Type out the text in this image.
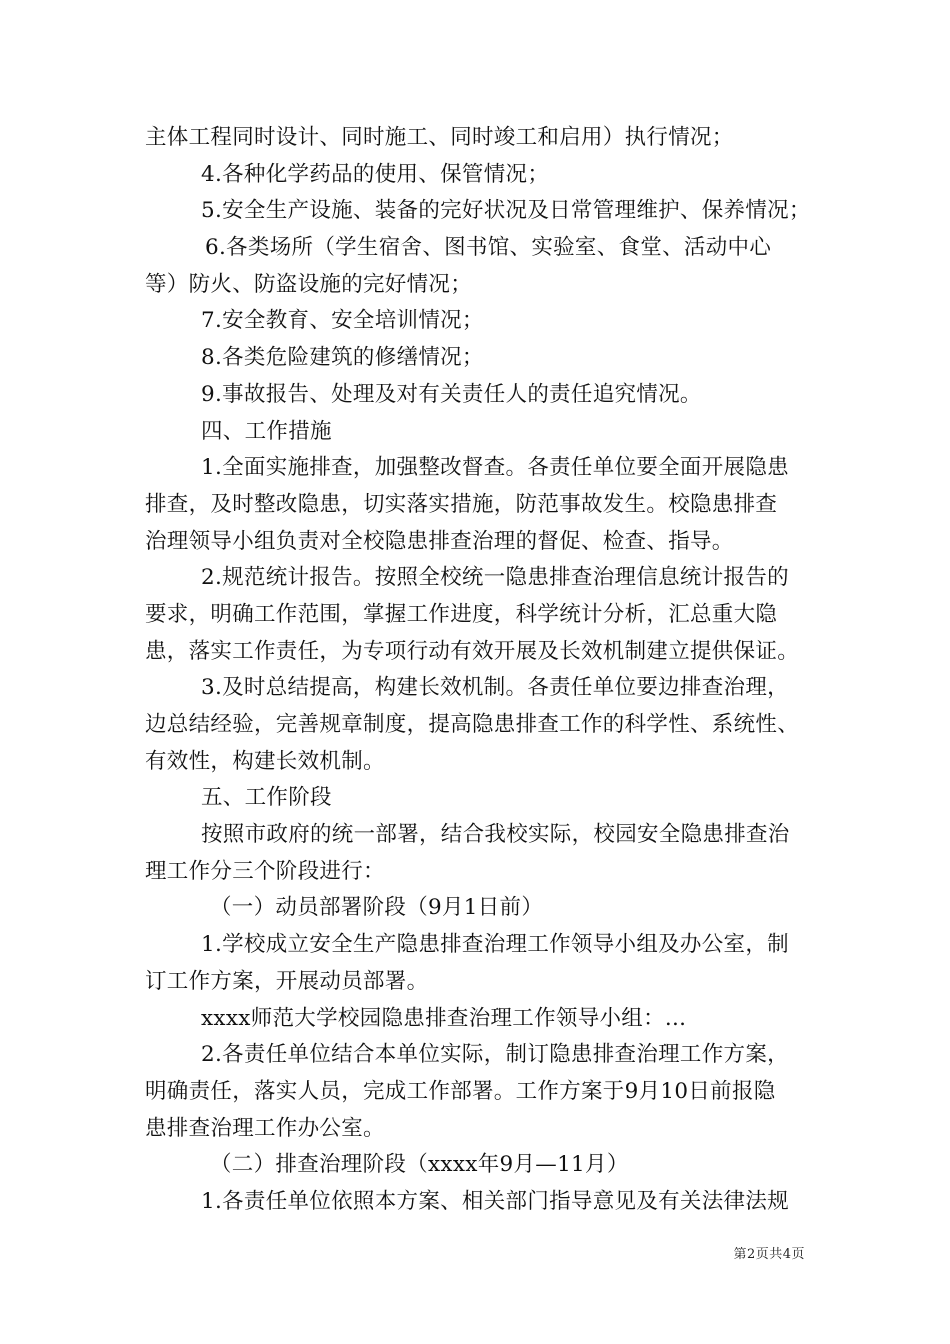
主体工程同时设计、同时施工、同时竣工和启用）执行情况；
4.各种化学药品的使用、保管情况；
5.安全生产设施、装备的完好状况及日常管理维护、保养情况；
6.各类场所（学生宿舍、图书馆、实验室、食堂、活动中心
等）防火、防盗设施的完好情况；
7.安全教育、安全培训情况；
8.各类危险建筑的修缮情况；
9.事故报告、处理及对有关责任人的责任追究情况。
四、工作措施
1.全面实施排查，加强整改督查。各责任单位要全面开展隐患
排查，及时整改隐患，切实落实措施，防范事故发生。校隐患排查
治理领导小组负责对全校隐患排查治理的督促、检查、指导。
2.规范统计报告。按照全校统一隐患排查治理信息统计报告的
要求，明确工作范围，掌握工作进度，科学统计分析，汇总重大隐
患，落实工作责任，为专项行动有效开展及长效机制建立提供保证。
3.及时总结提高，构建长效机制。各责任单位要边排查治理，
边总结经验，完善规章制度，提高隐患排查工作的科学性、系统性、
有效性，构建长效机制。
五、工作阶段
按照市政府的统一部署，结合我校实际，校园安全隐患排查治
理工作分三个阶段进行：
（一）动员部署阶段（9月1日前）
1.学校成立安全生产隐患排查治理工作领导小组及办公室，制
订工作方案，开展动员部署。
xxxx师范大学校园隐患排查治理工作领导小组：...
2.各责任单位结合本单位实际，制订隐患排查治理工作方案，
明确责任，落实人员，完成工作部署。工作方案于9月10日前报隐
患排查治理工作办公室。
（二）排查治理阶段（xxxx年9月—11月）
1.各责任单位依照本方案、相关部门指导意见及有关法律法规
第2页共4页
